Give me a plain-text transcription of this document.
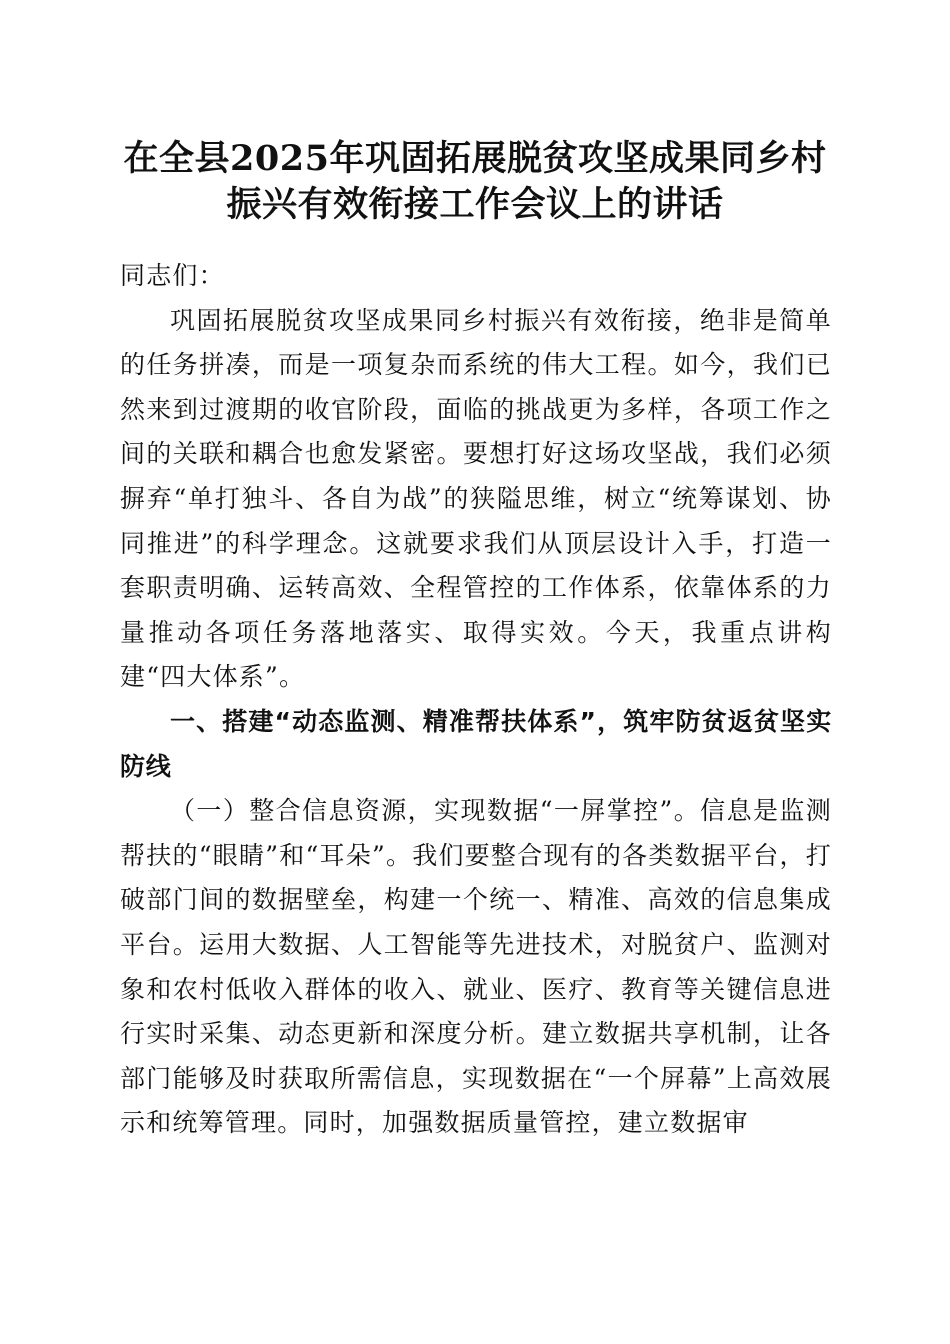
在全县2025年巩固拓展脱贫攻坚成果同乡村
振兴有效衔接工作会议上的讲话

同志们：

巩固拓展脱贫攻坚成果同乡村振兴有效衔接，绝非是简单的任务拼凑，而是一项复杂而系统的伟大工程。如今，我们已然来到过渡期的收官阶段，面临的挑战更为多样，各项工作之间的关联和耦合也愈发紧密。要想打好这场攻坚战，我们必须摒弃“单打独斗、各自为战”的狭隘思维，树立“统筹谋划、协同推进”的科学理念。这就要求我们从顶层设计入手，打造一套职责明确、运转高效、全程管控的工作体系，依靠体系的力量推动各项任务落地落实、取得实效。今天，我重点讲构建“四大体系”。

一、搭建“动态监测、精准帮扶体系”，筑牢防贫返贫坚实防线

（一）整合信息资源，实现数据“一屏掌控”。信息是监测帮扶的“眼睛”和“耳朵”。我们要整合现有的各类数据平台，打破部门间的数据壁垒，构建一个统一、精准、高效的信息集成平台。运用大数据、人工智能等先进技术，对脱贫户、监测对象和农村低收入群体的收入、就业、医疗、教育等关键信息进行实时采集、动态更新和深度分析。建立数据共享机制，让各部门能够及时获取所需信息，实现数据在“一个屏幕”上高效展示和统筹管理。同时，加强数据质量管控，建立数据审
